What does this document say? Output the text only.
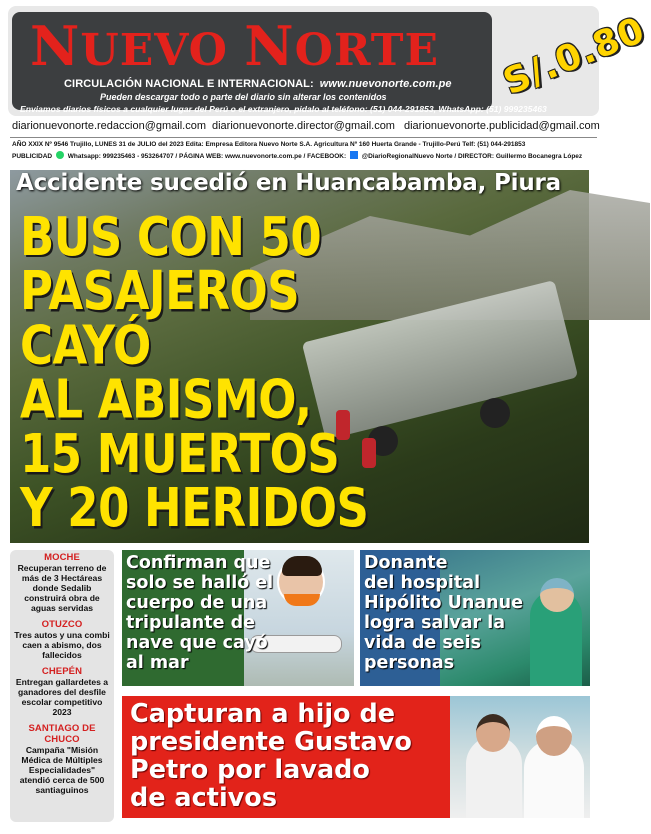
NUEVO NORTE
CIRCULACIÓN NACIONAL E INTERNACIONAL: www.nuevonorte.com.pe
Pueden descargar todo o parte del diario sin alterar los contenidos
Enviamos diarios físicos a cualquier lugar del Perú o el extranjero, pidalo al teléfono: (51) 044-291853, WhatsApp: (51) 999235463
S/.0.80
diarionuevonorte.redaccion@gmail.com diarionuevonorte.director@gmail.com diarionuevonorte.publicidad@gmail.com
AÑO XXIX Nº 9546 Trujillo, LUNES 31 de JULIO del 2023 Edita: Empresa Editora Nuevo Norte S.A. Agricultura Nº 160 Huerta Grande - Trujillo-Perú Telf: (51) 044-291853
PUBLICIDAD Whatsapp: 999235463 - 953264707 / PÁGINA WEB: www.nuevonorte.com.pe / FACEBOOK: @DiarioRegionalNuevo Norte / DIRECTOR: Guillermo Bocanegra López
Accidente sucedió en Huancabamba, Piura
BUS CON 50
PASAJEROS
CAYÓ
AL ABISMO,
15 MUERTOS
Y 20 HERIDOS
MOCHE
Recuperan terreno de más de 3 Hectáreas donde Sedalib construirá obra de aguas servidas
OTUZCO
Tres autos y una combi caen a abismo, dos fallecidos
CHEPÉN
Entregan gallardetes a ganadores del desfile escolar competitivo 2023
SANTIAGO DE CHUCO
Campaña "Misión Médica de Múltiples Especialidades" atendió cerca de 500 santiaguinos
Confirman que
solo se halló el
cuerpo de una
tripulante de
nave que cayó
al mar
Donante
del hospital
Hipólito Unanue
logra salvar la
vida de seis
personas
Capturan a hijo de
presidente Gustavo
Petro por lavado
de activos
